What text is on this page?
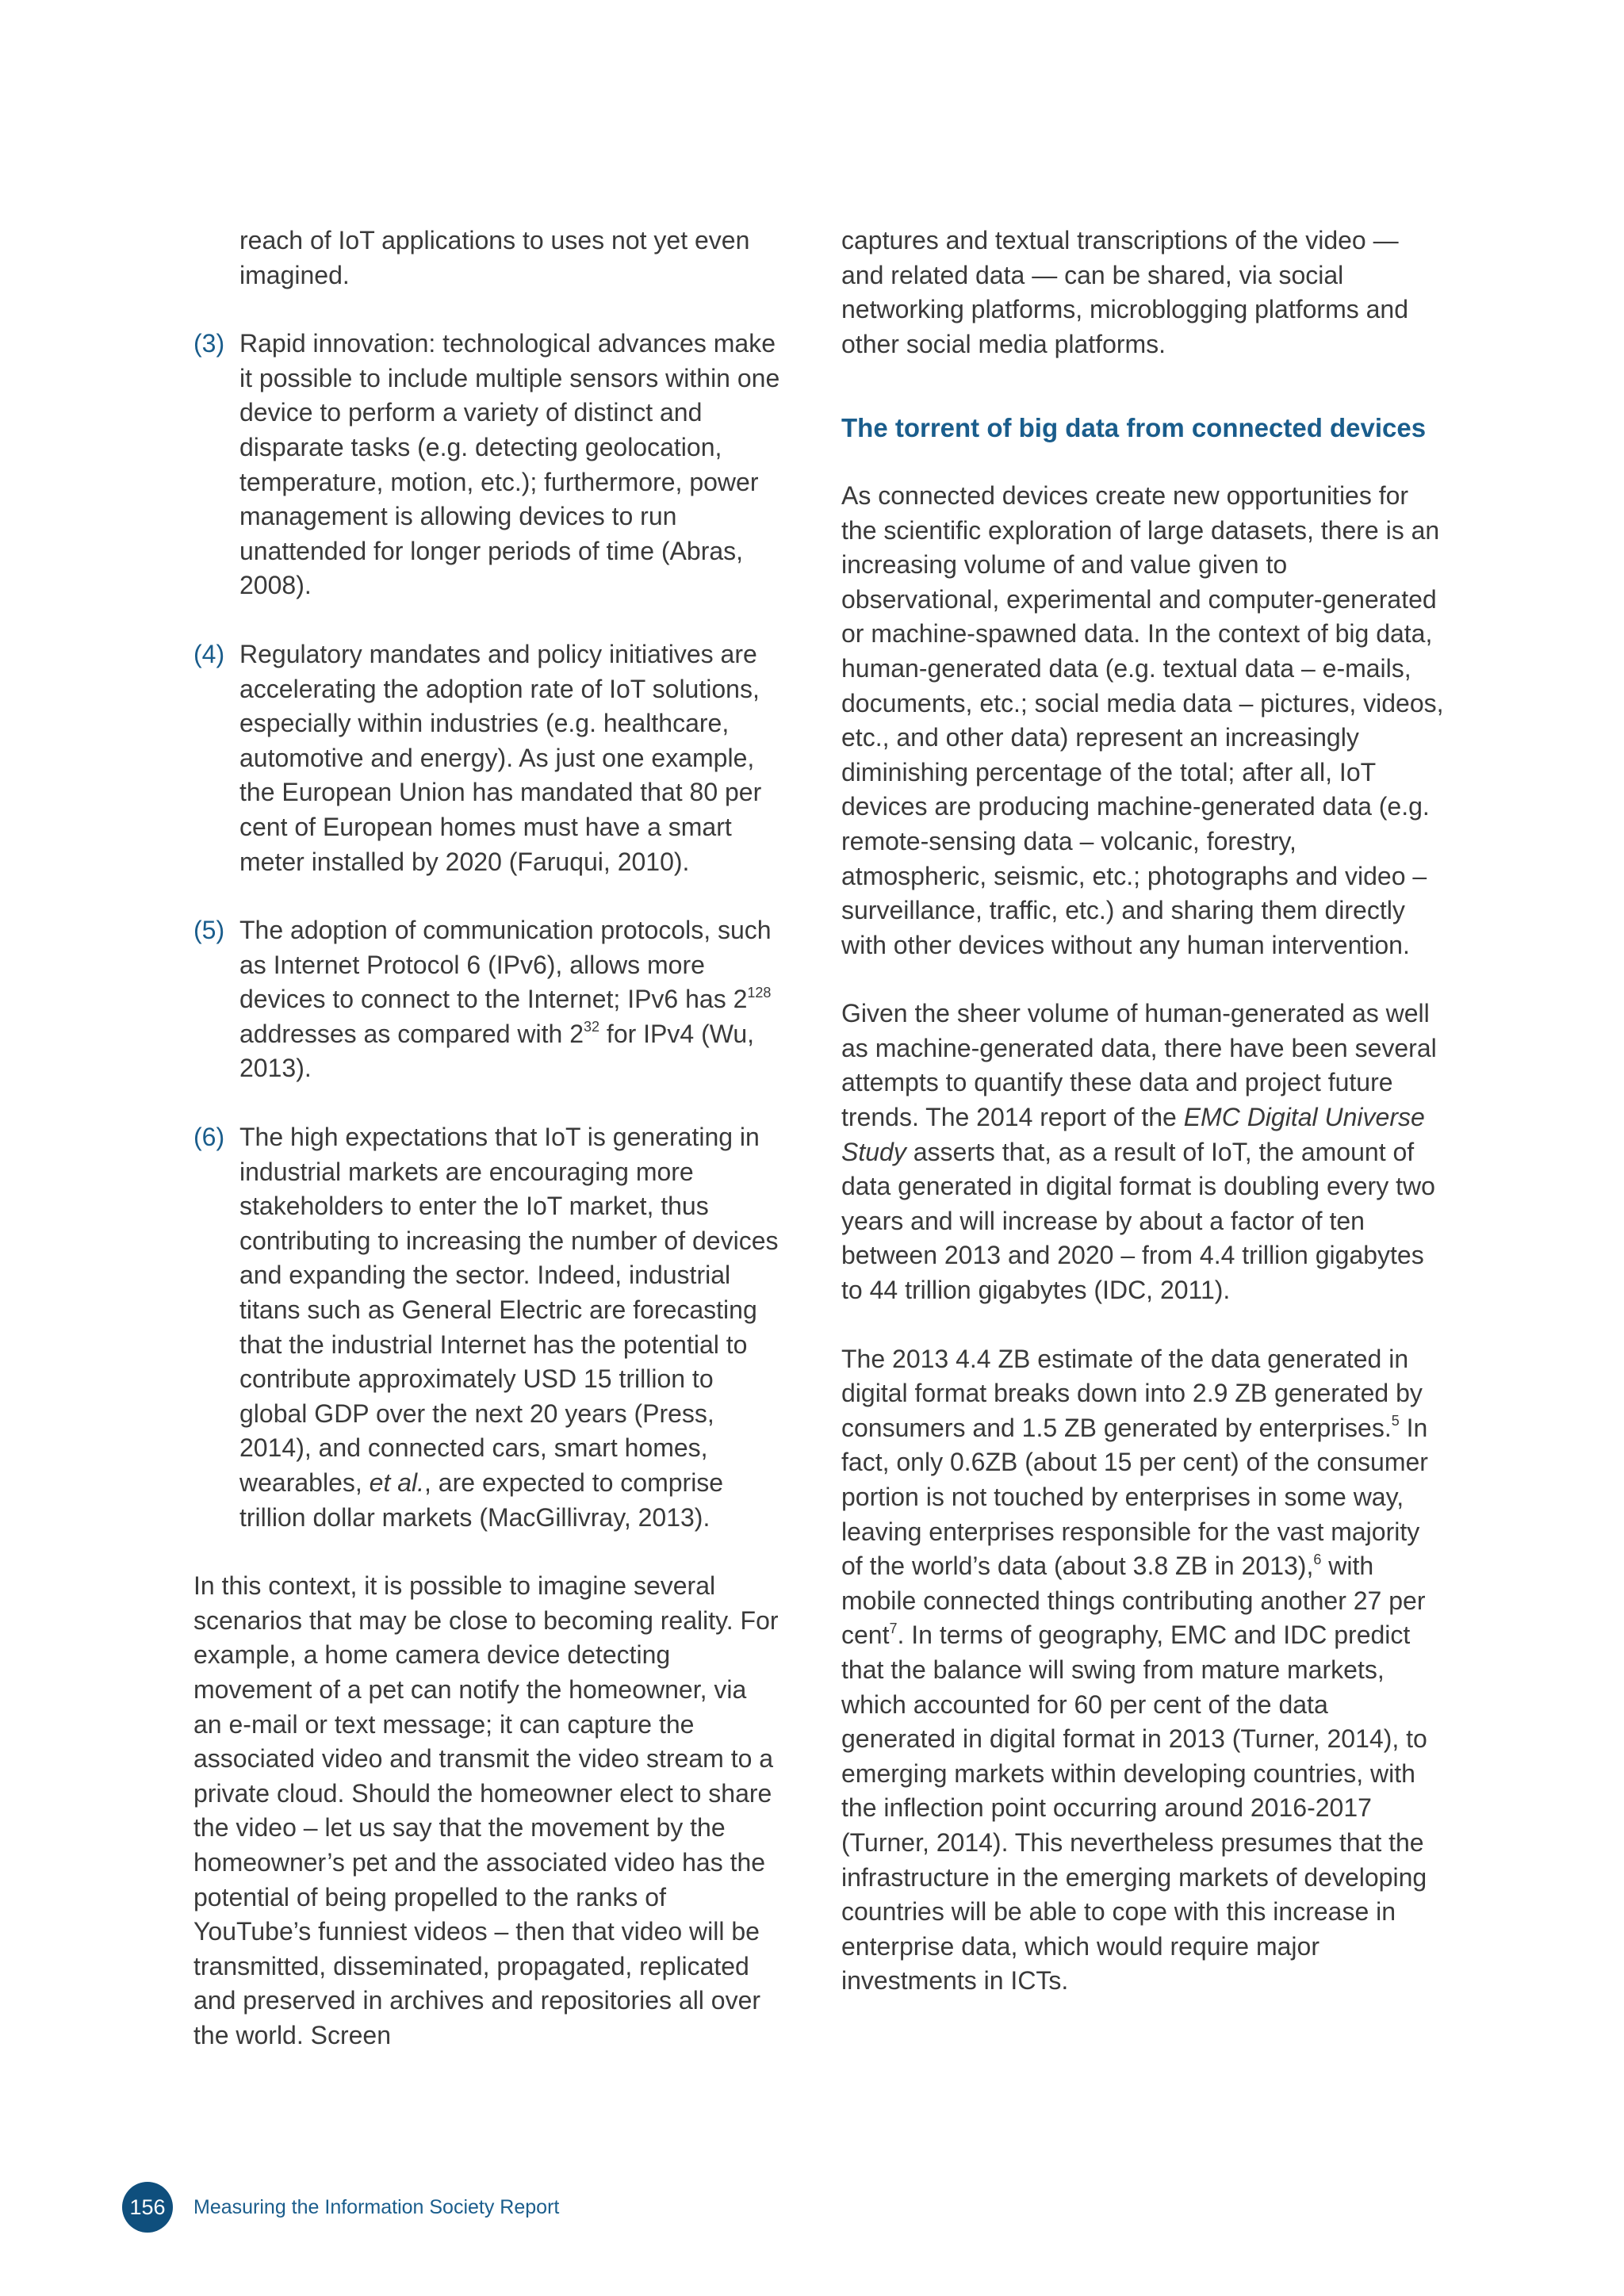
reach of IoT applications to uses not yet even imagined.

(3) Rapid innovation: technological advances make it possible to include multiple sensors within one device to perform a variety of distinct and disparate tasks (e.g. detecting geolocation, temperature, motion, etc.); furthermore, power management is allowing devices to run unattended for longer periods of time (Abras, 2008).
(4) Regulatory mandates and policy initiatives are accelerating the adoption rate of IoT solutions, especially within industries (e.g. healthcare, automotive and energy). As just one example, the European Union has mandated that 80 per cent of European homes must have a smart meter installed by 2020 (Faruqui, 2010).
(5) The adoption of communication protocols, such as Internet Protocol 6 (IPv6), allows more devices to connect to the Internet; IPv6 has $2^{128}$ addresses as compared with $2^{32}$ for IPv4 (Wu, 2013).
(6) The high expectations that IoT is generating in industrial markets are encouraging more stakeholders to enter the IoT market, thus contributing to increasing the number of devices and expanding the sector. Indeed, industrial titans such as General Electric are forecasting that the industrial Internet has the potential to contribute approximately USD 15 trillion to global GDP over the next 20 years (Press, 2014), and connected cars, smart homes, wearables, et al., are expected to comprise trillion dollar markets (MacGillivray, 2013).

In this context, it is possible to imagine several scenarios that may be close to becoming reality. For example, a home camera device detecting movement of a pet can notify the homeowner, via an e-mail or text message; it can capture the associated video and transmit the video stream to a private cloud. Should the homeowner elect to share the video – let us say that the movement by the homeowner’s pet and the associated video has the potential of being propelled to the ranks of YouTube’s funniest videos – then that video will be transmitted, disseminated, propagated, replicated and preserved in archives and repositories all over the world. Screen

captures and textual transcriptions of the video — and related data — can be shared, via social networking platforms, microblogging platforms and other social media platforms.

The torrent of big data from connected devices

As connected devices create new opportunities for the scientific exploration of large datasets, there is an increasing volume of and value given to observational, experimental and computer-generated or machine-spawned data. In the context of big data, human-generated data (e.g. textual data – e-mails, documents, etc.; social media data – pictures, videos, etc., and other data) represent an increasingly diminishing percentage of the total; after all, IoT devices are producing machine-generated data (e.g. remote-sensing data – volcanic, forestry, atmospheric, seismic, etc.; photographs and video – surveillance, traffic, etc.) and sharing them directly with other devices without any human intervention.

Given the sheer volume of human-generated as well as machine-generated data, there have been several attempts to quantify these data and project future trends. The 2014 report of the EMC Digital Universe Study asserts that, as a result of IoT, the amount of data generated in digital format is doubling every two years and will increase by about a factor of ten between 2013 and 2020 – from 4.4 trillion gigabytes to 44 trillion gigabytes (IDC, 2011).

The 2013 4.4 ZB estimate of the data generated in digital format breaks down into 2.9 ZB generated by consumers and 1.5 ZB generated by enterprises.$^5$ In fact, only 0.6ZB (about 15 per cent) of the consumer portion is not touched by enterprises in some way, leaving enterprises responsible for the vast majority of the world’s data (about 3.8 ZB in 2013),$^6$ with mobile connected things contributing another 27 per cent$^7$. In terms of geography, EMC and IDC predict that the balance will swing from mature markets, which accounted for 60 per cent of the data generated in digital format in 2013 (Turner, 2014), to emerging markets within developing countries, with the inflection point occurring around 2016-2017 (Turner, 2014). This nevertheless presumes that the infrastructure in the emerging markets of developing countries will be able to cope with this increase in enterprise data, which would require major investments in ICTs.

156	Measuring the Information Society Report
